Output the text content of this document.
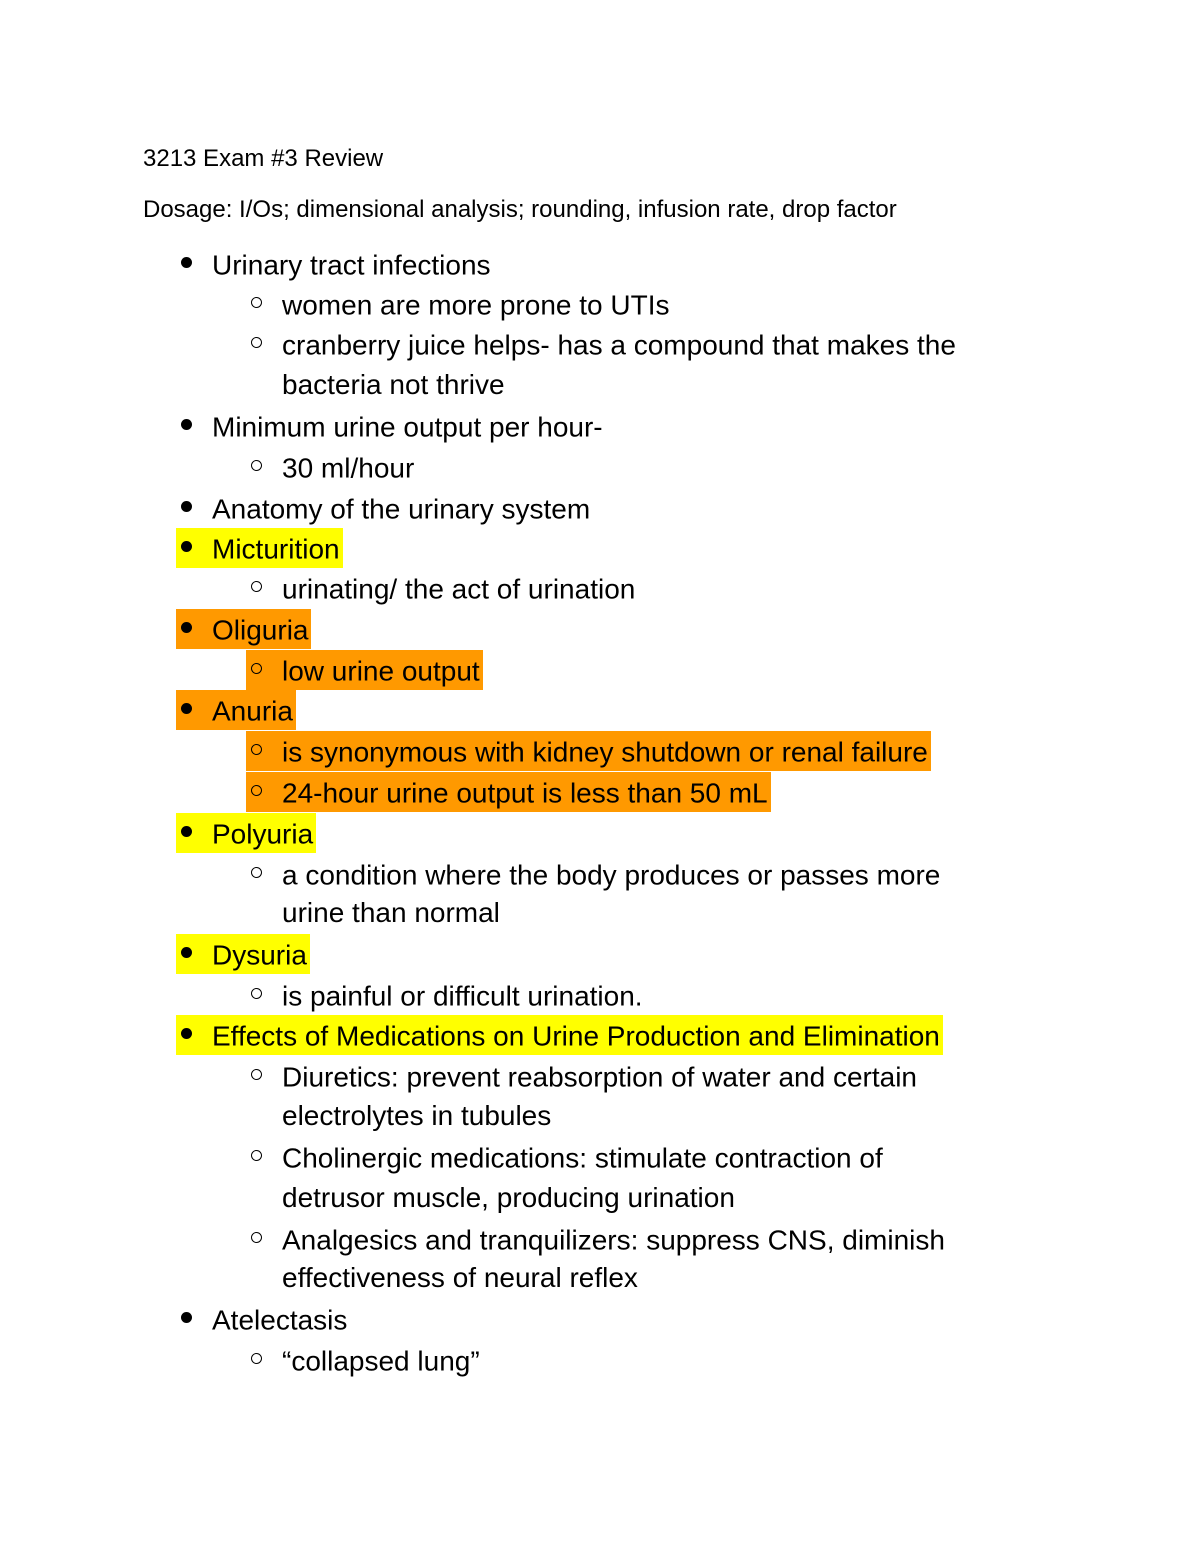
3213 Exam #3 Review
Dosage: I/Os; dimensional analysis; rounding, infusion rate, drop factor
Urinary tract infections
women are more prone to UTIs
cranberry juice helps- has a compound that makes the
bacteria not thrive
Minimum urine output per hour-
30 ml/hour
Anatomy of the urinary system
Micturition
urinating/ the act of urination
Oliguria
low urine output
Anuria
is synonymous with kidney shutdown or renal failure
24-hour urine output is less than 50 mL
Polyuria
a condition where the body produces or passes more
urine than normal
Dysuria
is painful or difficult urination.
Effects of Medications on Urine Production and Elimination
Diuretics: prevent reabsorption of water and certain
electrolytes in tubules
Cholinergic medications: stimulate contraction of
detrusor muscle, producing urination
Analgesics and tranquilizers: suppress CNS, diminish
effectiveness of neural reflex
Atelectasis
“collapsed lung”
